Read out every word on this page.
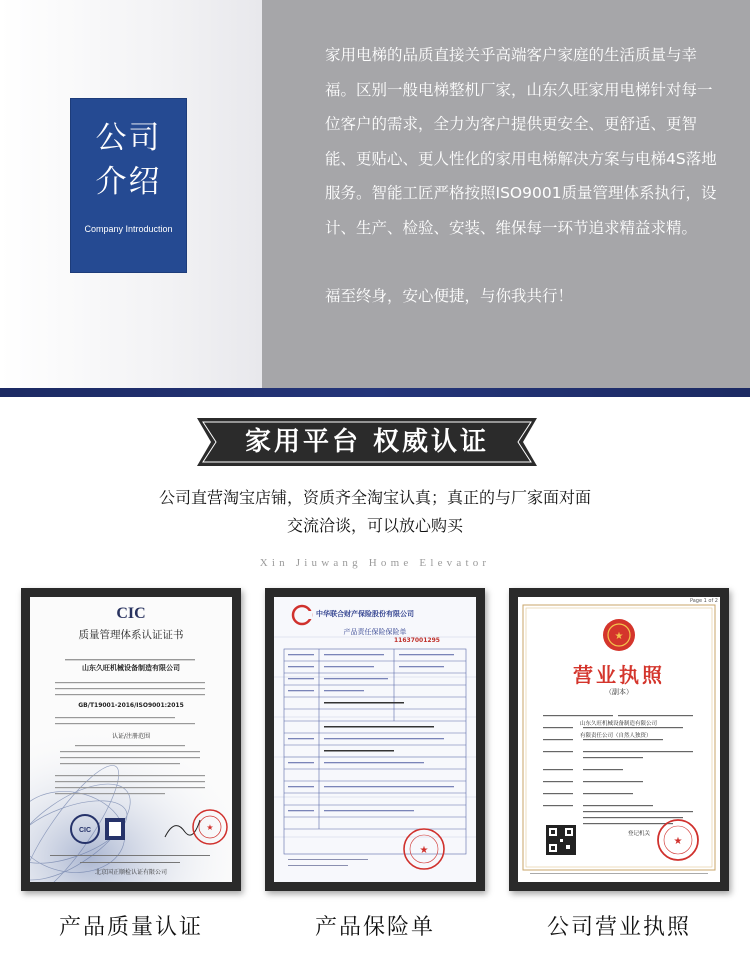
公司
介绍
Company Introduction

家用电梯的品质直接关乎高端客户家庭的生活质量与幸福。区别一般电梯整机厂家，山东久旺家用电梯针对每一位客户的需求，全力为客户提供更安全、更舒适、更智能、更贴心、更人性化的家用电梯解决方案与电梯4S落地服务。智能工匠严格按照ISO9001质量管理体系执行，设计、生产、检验、安装、维保每一环节追求精益求精。

福至终身，安心便捷，与你我共行！

家用平台 权威认证

公司直营淘宝店铺，资质齐全淘宝认真；真正的与厂家面对面

交流洽谈，可以放心购买

Xin Jiuwang Home Elevator
CIC	★
CIC
质量管理体系认证证书
山东久旺机械设备制造有限公司
GB/T19001-2016/ISO9001:2015
认证/注册范围
北京国正顺检认证有限公司
★
中华联合财产保险股份有限公司
产品责任保险保险单
11637001295	★
★
Page 1 of 2
营业执照
（副本）
山东久旺机械设备制造有限公司
有限责任公司（自然人独资）
登记机关
产品质量认证	产品保险单	公司营业执照
